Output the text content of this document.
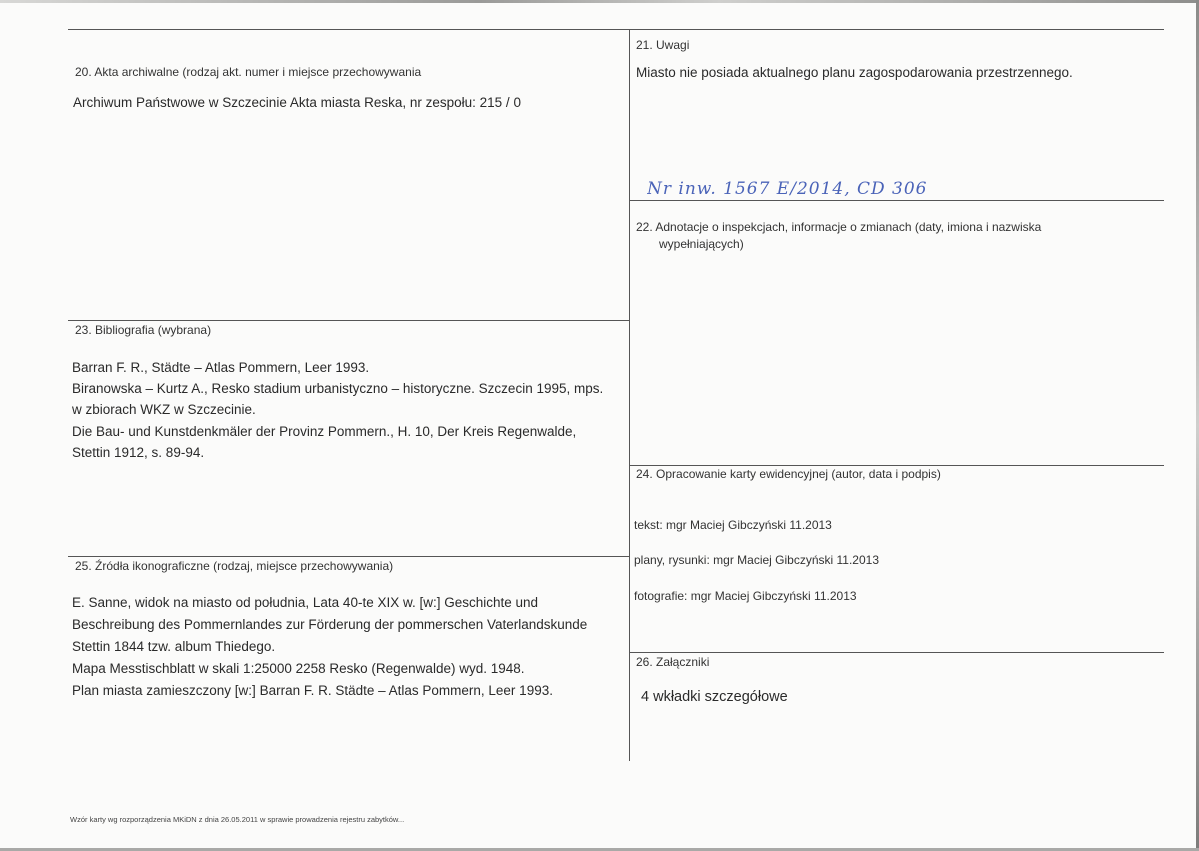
20. Akta archiwalne (rodzaj akt. numer i miejsce przechowywania
Archiwum Państwowe w Szczecinie Akta miasta Reska, nr zespołu: 215 / 0
21. Uwagi
Miasto nie posiada aktualnego planu zagospodarowania przestrzennego.
Nr inw. 1567 E/2014, CD 306
22. Adnotacje o inspekcjach, informacje o zmianach (daty, imiona i nazwiska
wypełniających)
23. Bibliografia (wybrana)
Barran F. R., Städte – Atlas Pommern, Leer 1993.
Biranowska – Kurtz A., Resko stadium urbanistyczno – historyczne. Szczecin 1995, mps.
w zbiorach WKZ w Szczecinie.
Die Bau- und Kunstdenkmäler der Provinz Pommern., H. 10, Der Kreis Regenwalde,
Stettin 1912, s. 89-94.
24. Opracowanie karty ewidencyjnej (autor, data i podpis)
tekst: mgr Maciej Gibczyński 11.2013
plany, rysunki: mgr Maciej Gibczyński 11.2013
fotografie: mgr Maciej Gibczyński 11.2013
25. Źródła ikonograficzne (rodzaj, miejsce przechowywania)
E. Sanne, widok na miasto od południa, Lata 40-te XIX w. [w:] Geschichte und
Beschreibung des Pommernlandes zur Förderung der pommerschen Vaterlandskunde
Stettin 1844 tzw. album Thiedego.
Mapa Messtischblatt w skali 1:25000 2258 Resko (Regenwalde) wyd. 1948.
Plan miasta zamieszczony [w:] Barran F. R. Städte – Atlas Pommern, Leer 1993.
26. Załączniki
4 wkładki szczegółowe
Wzór karty wg rozporządzenia MKiDN z dnia 26.05.2011 w sprawie prowadzenia rejestru zabytków...
